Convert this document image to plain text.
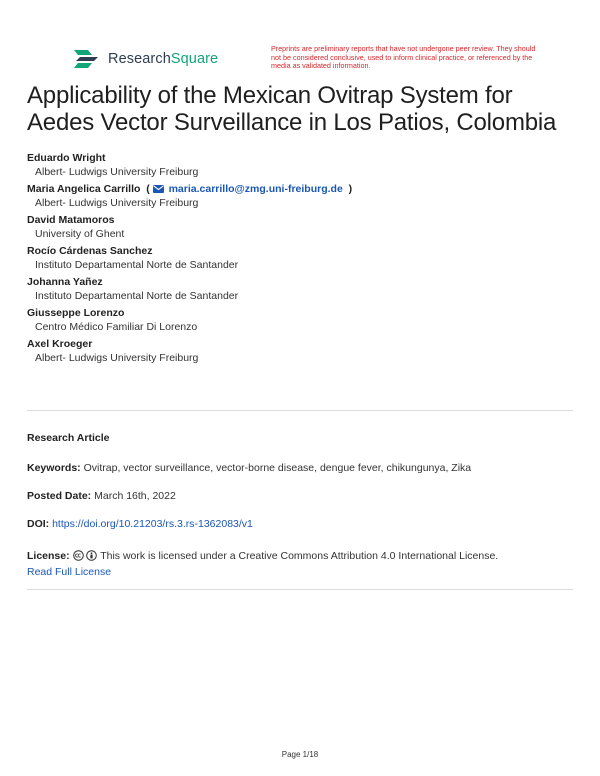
ResearchSquare
Preprints are preliminary reports that have not undergone peer review. They should not be considered conclusive, used to inform clinical practice, or referenced by the media as validated information.
Applicability of the Mexican Ovitrap System for Aedes Vector Surveillance in Los Patios, Colombia
Eduardo Wright
Albert- Ludwigs University Freiburg
Maria Angelica Carrillo  ( maria.carrillo@zmg.uni-freiburg.de  )
Albert- Ludwigs University Freiburg
David Matamoros
University of Ghent
Rocío Cárdenas Sanchez
Instituto Departamental Norte de Santander
Johanna Yañez
Instituto Departamental Norte de Santander
Giusseppe Lorenzo
Centro Médico Familiar Di Lorenzo
Axel Kroeger
Albert- Ludwigs University Freiburg
Research Article
Keywords: Ovitrap, vector surveillance, vector-borne disease, dengue fever, chikungunya, Zika
Posted Date: March 16th, 2022
DOI: https://doi.org/10.21203/rs.3.rs-1362083/v1
License:	This work is licensed under a Creative Commons Attribution 4.0 International License.
Read Full License
Page 1/18
